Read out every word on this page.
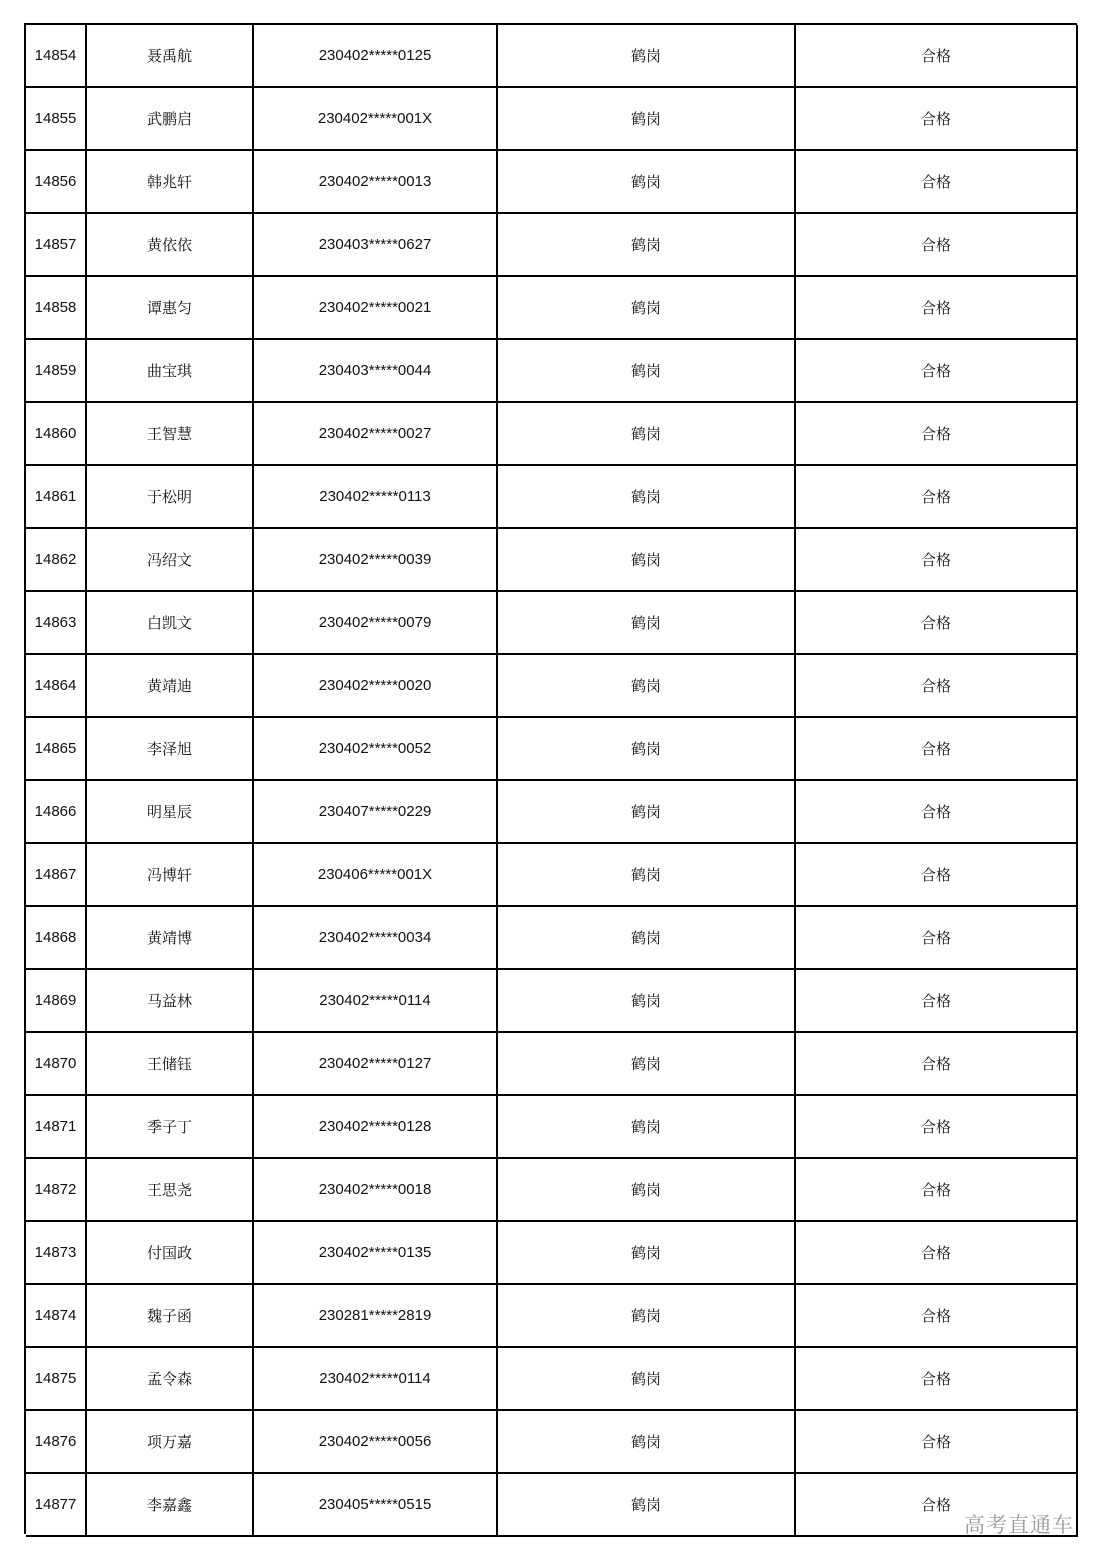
14854	聂禹航	230402*****0125	鹤岗	合格
14855	武鹏启	230402*****001X	鹤岗	合格
14856	韩兆轩	230402*****0013	鹤岗	合格
14857	黄依依	230403*****0627	鹤岗	合格
14858	谭惠匀	230402*****0021	鹤岗	合格
14859	曲宝琪	230403*****0044	鹤岗	合格
14860	王智慧	230402*****0027	鹤岗	合格
14861	于松明	230402*****0113	鹤岗	合格
14862	冯绍文	230402*****0039	鹤岗	合格
14863	白凯文	230402*****0079	鹤岗	合格
14864	黄靖迪	230402*****0020	鹤岗	合格
14865	李泽旭	230402*****0052	鹤岗	合格
14866	明星辰	230407*****0229	鹤岗	合格
14867	冯博轩	230406*****001X	鹤岗	合格
14868	黄靖博	230402*****0034	鹤岗	合格
14869	马益林	230402*****0114	鹤岗	合格
14870	王储钰	230402*****0127	鹤岗	合格
14871	季子丁	230402*****0128	鹤岗	合格
14872	王思尧	230402*****0018	鹤岗	合格
14873	付国政	230402*****0135	鹤岗	合格
14874	魏子函	230281*****2819	鹤岗	合格
14875	孟令森	230402*****0114	鹤岗	合格
14876	项万嘉	230402*****0056	鹤岗	合格
14877	李嘉鑫	230405*****0515	鹤岗	合格
高考直通车
